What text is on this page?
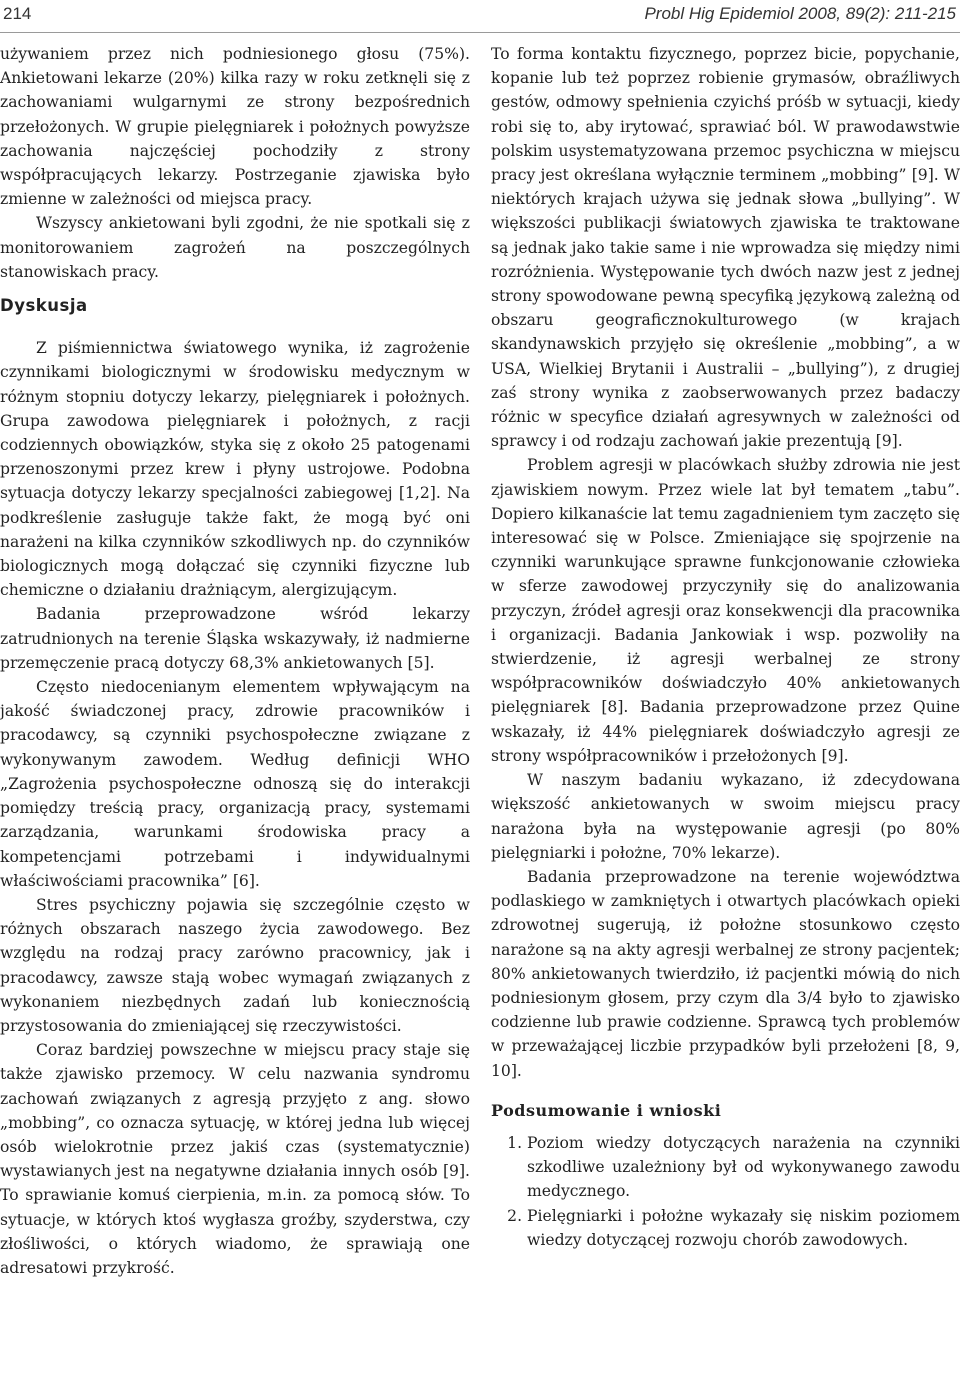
214	Probl Hig Epidemiol 2008, 89(2): 211-215

używaniem przez nich podniesionego głosu (75%). Ankietowani lekarze (20%) kilka razy w roku zetknęli się z zachowaniami wulgarnymi ze strony bezpośrednich przełożonych. W grupie pielęgniarek i położnych powyższe zachowania najczęściej pochodziły z strony współpracujących lekarzy. Postrzeganie zjawiska było zmienne w zależności od miejsca pracy.

Wszyscy ankietowani byli zgodni, że nie spotkali się z monitorowaniem zagrożeń na poszczególnych stanowiskach pracy.

Dyskusja

Z piśmiennictwa światowego wynika, iż zagrożenie czynnikami biologicznymi w środowisku medycznym w różnym stopniu dotyczy lekarzy, pielęgniarek i położnych. Grupa zawodowa pielęgniarek i położnych, z racji codziennych obowiązków, styka się z około 25 patogenami przenoszonymi przez krew i płyny ustrojowe. Podobna sytuacja dotyczy lekarzy specjalności zabiegowej [1,2]. Na podkreślenie zasługuje także fakt, że mogą być oni narażeni na kilka czynników szkodliwych np. do czynników biologicznych mogą dołączać się czynniki fizyczne lub chemiczne o działaniu drażniącym, alergizującym.

Badania przeprowadzone wśród lekarzy zatrudnionych na terenie Śląska wskazywały, iż nadmierne przemęczenie pracą dotyczy 68,3% ankietowanych [5].

Często niedocenianym elementem wpływającym na jakość świadczonej pracy, zdrowie pracowników i pracodawcy, są czynniki psychospołeczne związane z wykonywanym zawodem. Według definicji WHO „Zagrożenia psychospołeczne odnoszą się do interakcji pomiędzy treścią pracy, organizacją pracy, systemami zarządzania, warunkami środowiska pracy a kompetencjami potrzebami i indywidualnymi właściwościami pracownika” [6].

Stres psychiczny pojawia się szczególnie często w różnych obszarach naszego życia zawodowego. Bez względu na rodzaj pracy zarówno pracownicy, jak i pracodawcy, zawsze stają wobec wymagań związanych z wykonaniem niezbędnych zadań lub koniecznością przystosowania do zmieniającej się rzeczywistości.

Coraz bardziej powszechne w miejscu pracy staje się także zjawisko przemocy. W celu nazwania syndromu zachowań związanych z agresją przyjęto z ang. słowo „mobbing”, co oznacza sytuację, w której jedna lub więcej osób wielokrotnie przez jakiś czas (systematycznie) wystawianych jest na negatywne działania innych osób [9]. To sprawianie komuś cierpienia, m.in. za pomocą słów. To sytuacje, w których ktoś wygłasza groźby, szyderstwa, czy złośliwości, o których wiadomo, że sprawiają one adresatowi przykrość.

To forma kontaktu fizycznego, poprzez bicie, popychanie, kopanie lub też poprzez robienie grymasów, obraźliwych gestów, odmowy spełnienia czyichś próśb w sytuacji, kiedy robi się to, aby irytować, sprawiać ból. W prawodawstwie polskim usystematyzowana przemoc psychiczna w miejscu pracy jest określana wyłącznie terminem „mobbing” [9]. W niektórych krajach używa się jednak słowa „bullying”. W większości publikacji światowych zjawiska te traktowane są jednak jako takie same i nie wprowadza się między nimi rozróżnienia. Występowanie tych dwóch nazw jest z jednej strony spowodowane pewną specyfiką językową zależną od obszaru geograficznokulturowego (w krajach skandynawskich przyjęło się określenie „mobbing”, a w USA, Wielkiej Brytanii i Australii – „bullying”), z drugiej zaś strony wynika z zaobserwowanych przez badaczy różnic w specyfice działań agresywnych w zależności od sprawcy i od rodzaju zachowań jakie prezentują [9].

Problem agresji w placówkach służby zdrowia nie jest zjawiskiem nowym. Przez wiele lat był tematem „tabu”. Dopiero kilkanaście lat temu zagadnieniem tym zaczęto się interesować się w Polsce. Zmieniające się spojrzenie na czynniki warunkujące sprawne funkcjonowanie człowieka w sferze zawodowej przyczyniły się do analizowania przyczyn, źródeł agresji oraz konsekwencji dla pracownika i organizacji. Badania Jankowiak i wsp. pozwoliły na stwierdzenie, iż agresji werbalnej ze strony współpracowników doświadczyło 40% ankietowanych pielęgniarek [8]. Badania przeprowadzone przez Quine wskazały, iż 44% pielęgniarek doświadczyło agresji ze strony współpracowników i przełożonych [9].

W naszym badaniu wykazano, iż zdecydowana większość ankietowanych w swoim miejscu pracy narażona była na występowanie agresji (po 80% pielęgniarki i położne, 70% lekarze).

Badania przeprowadzone na terenie województwa podlaskiego w zamkniętych i otwartych placówkach opieki zdrowotnej sugerują, iż położne stosunkowo często narażone są na akty agresji werbalnej ze strony pacjentek; 80% ankietowanych twierdziło, iż pacjentki mówią do nich podniesionym głosem, przy czym dla 3/4 było to zjawisko codzienne lub prawie codzienne. Sprawcą tych problemów w przeważającej liczbie przypadków byli przełożeni [8, 9, 10].

Podsumowanie i wnioski
1. Poziom wiedzy dotyczących narażenia na czynniki szkodliwe uzależniony był od wykonywanego zawodu medycznego.
2. Pielęgniarki i położne wykazały się niskim poziomem wiedzy dotyczącej rozwoju chorób zawodowych.
